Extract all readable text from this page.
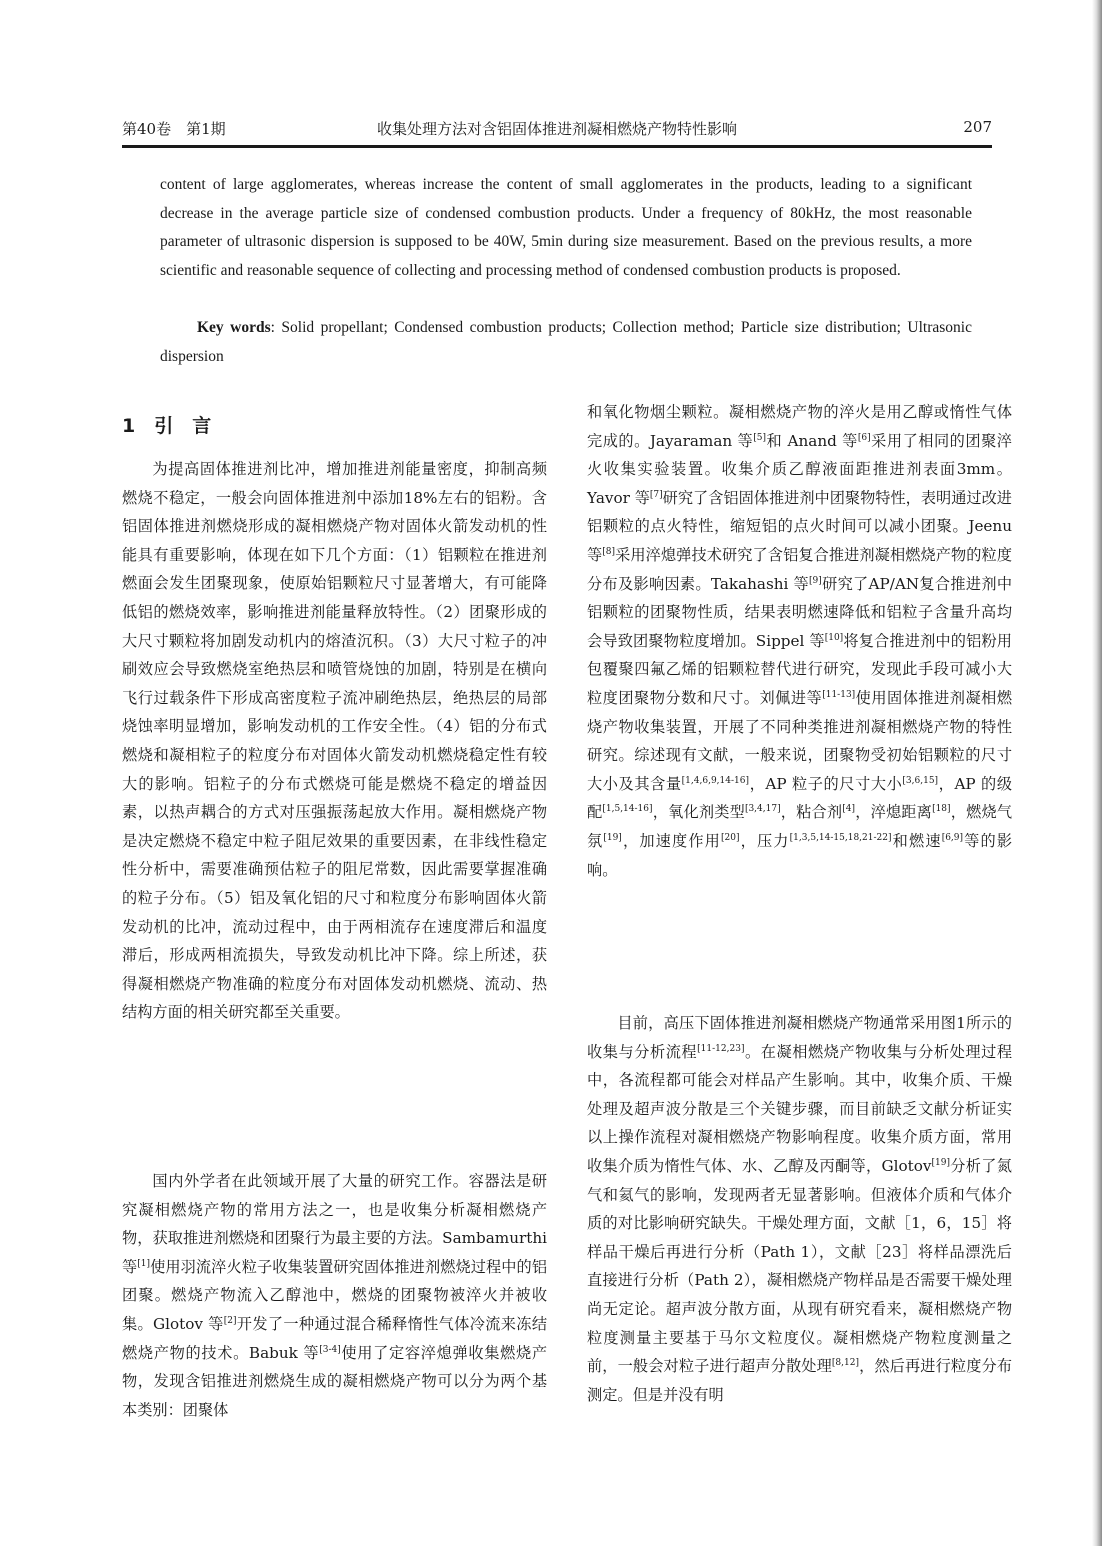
第40卷　第1期	收集处理方法对含铝固体推进剂凝相燃烧产物特性影响	207

content of large agglomerates, whereas increase the content of small agglomerates in the products, leading to a significant decrease in the average particle size of condensed combustion products. Under a frequency of 80kHz, the most reasonable parameter of ultrasonic dispersion is supposed to be 40W, 5min during size measurement. Based on the previous results, a more scientific and reasonable sequence of collecting and processing method of condensed combustion products is proposed.

Key words: Solid propellant; Condensed combustion products; Collection method; Particle size distribution; Ultrasonic dispersion

1　引　言

为提高固体推进剂比冲，增加推进剂能量密度，抑制高频燃烧不稳定，一般会向固体推进剂中添加18%左右的铝粉。含铝固体推进剂燃烧形成的凝相燃烧产物对固体火箭发动机的性能具有重要影响，体现在如下几个方面：（1）铝颗粒在推进剂燃面会发生团聚现象，使原始铝颗粒尺寸显著增大，有可能降低铝的燃烧效率，影响推进剂能量释放特性。（2）团聚形成的大尺寸颗粒将加剧发动机内的熔渣沉积。（3）大尺寸粒子的冲刷效应会导致燃烧室绝热层和喷管烧蚀的加剧，特别是在横向飞行过载条件下形成高密度粒子流冲刷绝热层，绝热层的局部烧蚀率明显增加，影响发动机的工作安全性。（4）铝的分布式燃烧和凝相粒子的粒度分布对固体火箭发动机燃烧稳定性有较大的影响。铝粒子的分布式燃烧可能是燃烧不稳定的增益因素，以热声耦合的方式对压强振荡起放大作用。凝相燃烧产物是决定燃烧不稳定中粒子阻尼效果的重要因素，在非线性稳定性分析中，需要准确预估粒子的阻尼常数，因此需要掌握准确的粒子分布。（5）铝及氧化铝的尺寸和粒度分布影响固体火箭发动机的比冲，流动过程中，由于两相流存在速度滞后和温度滞后，形成两相流损失，导致发动机比冲下降。综上所述，获得凝相燃烧产物准确的粒度分布对固体发动机燃烧、流动、热结构方面的相关研究都至关重要。

国内外学者在此领域开展了大量的研究工作。容器法是研究凝相燃烧产物的常用方法之一，也是收集分析凝相燃烧产物，获取推进剂燃烧和团聚行为最主要的方法。Sambamurthi 等[1]使用羽流淬火粒子收集装置研究固体推进剂燃烧过程中的铝团聚。燃烧产物流入乙醇池中，燃烧的团聚物被淬火并被收集。Glotov 等[2]开发了一种通过混合稀释惰性气体冷流来冻结燃烧产物的技术。Babuk 等[3-4]使用了定容淬熄弹收集燃烧产物，发现含铝推进剂燃烧生成的凝相燃烧产物可以分为两个基本类别：团聚体

和氧化物烟尘颗粒。凝相燃烧产物的淬火是用乙醇或惰性气体完成的。Jayaraman 等[5]和 Anand 等[6]采用了相同的团聚淬火收集实验装置。收集介质乙醇液面距推进剂表面3mm。Yavor 等[7]研究了含铝固体推进剂中团聚物特性，表明通过改进铝颗粒的点火特性，缩短铝的点火时间可以减小团聚。Jeenu 等[8]采用淬熄弹技术研究了含铝复合推进剂凝相燃烧产物的粒度分布及影响因素。Takahashi 等[9]研究了AP/AN复合推进剂中铝颗粒的团聚物性质，结果表明燃速降低和铝粒子含量升高均会导致团聚物粒度增加。Sippel 等[10]将复合推进剂中的铝粉用包覆聚四氟乙烯的铝颗粒替代进行研究，发现此手段可减小大粒度团聚物分数和尺寸。刘佩进等[11-13]使用固体推进剂凝相燃烧产物收集装置，开展了不同种类推进剂凝相燃烧产物的特性研究。综述现有文献，一般来说，团聚物受初始铝颗粒的尺寸大小及其含量[1,4,6,9,14-16]，AP 粒子的尺寸大小[3,6,15]，AP 的级配[1,5,14-16]，氧化剂类型[3,4,17]，粘合剂[4]，淬熄距离[18]，燃烧气氛[19]，加速度作用[20]，压力[1,3,5,14-15,18,21-22]和燃速[6,9]等的影响。

目前，高压下固体推进剂凝相燃烧产物通常采用图1所示的收集与分析流程[11-12,23]。在凝相燃烧产物收集与分析处理过程中，各流程都可能会对样品产生影响。其中，收集介质、干燥处理及超声波分散是三个关键步骤，而目前缺乏文献分析证实以上操作流程对凝相燃烧产物影响程度。收集介质方面，常用收集介质为惰性气体、水、乙醇及丙酮等，Glotov[19]分析了氮气和氦气的影响，发现两者无显著影响。但液体介质和气体介质的对比影响研究缺失。干燥处理方面，文献［1，6，15］将样品干燥后再进行分析（Path 1），文献［23］将样品漂洗后直接进行分析（Path 2），凝相燃烧产物样品是否需要干燥处理尚无定论。超声波分散方面，从现有研究看来，凝相燃烧产物粒度测量主要基于马尔文粒度仪。凝相燃烧产物粒度测量之前，一般会对粒子进行超声分散处理[8,12]，然后再进行粒度分布测定。但是并没有明
